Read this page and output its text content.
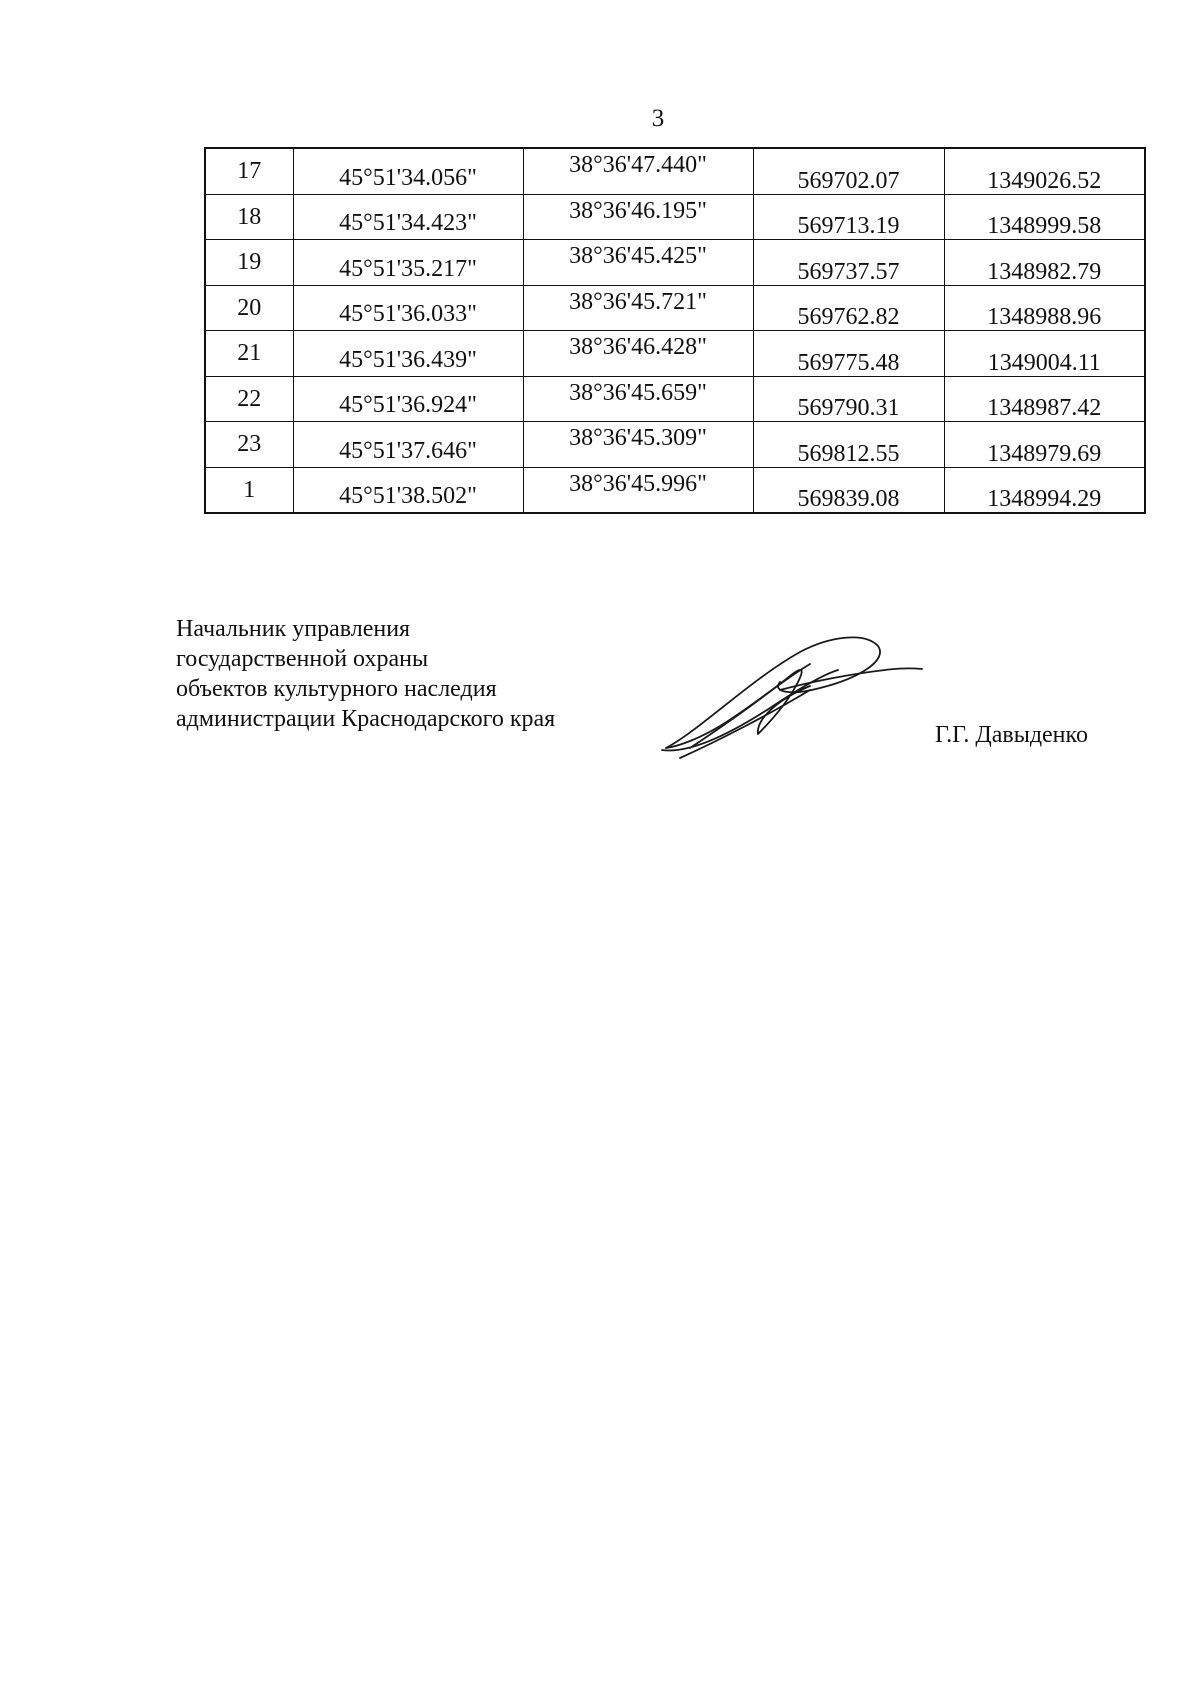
3
17	45°51'34.056"	38°36'47.440"	569702.07	1349026.52

18	45°51'34.423"	38°36'46.195"	569713.19	1348999.58

19	45°51'35.217"	38°36'45.425"	569737.57	1348982.79

20	45°51'36.033"	38°36'45.721"	569762.82	1348988.96

21	45°51'36.439"	38°36'46.428"	569775.48	1349004.11

22	45°51'36.924"	38°36'45.659"	569790.31	1348987.42

23	45°51'37.646"	38°36'45.309"	569812.55	1348979.69

1	45°51'38.502"	38°36'45.996"	569839.08	1348994.29
Начальник управления
государственной охраны
объектов культурного наследия
администрации Краснодарского края
Г.Г. Давыденко
